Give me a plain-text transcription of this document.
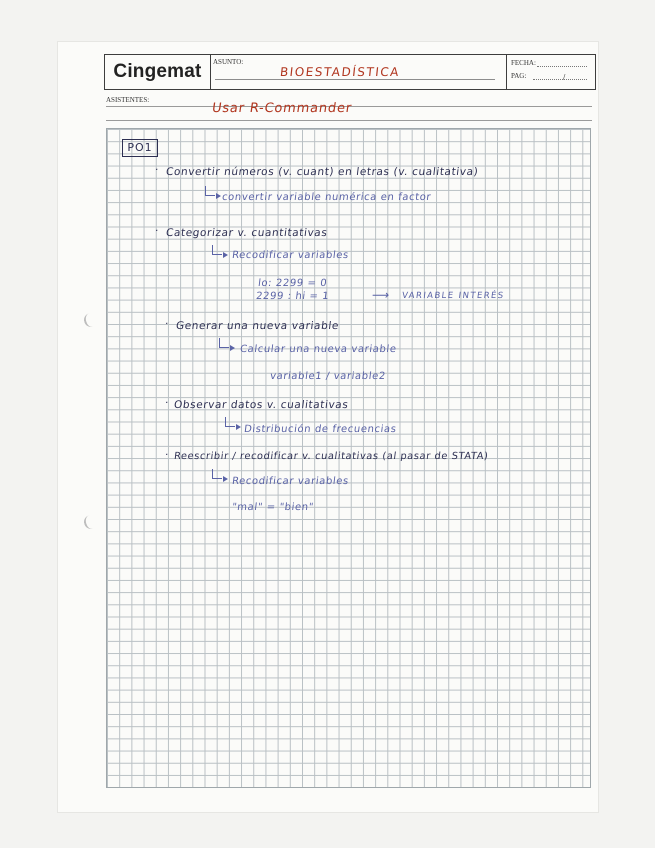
Cingemat	ASUNTO:
BIOESTADÍSTICA
FECHA:
PAG:	/
ASISTENTES:
Usar R-Commander
PO1
· Convertir números (v. cuant) en letras (v. cualitativa)
convertir variable numérica en factor
· Categorizar v. cuantitativas
Recodificar variables
lo: 2299 = 0
2299 : hi = 1	⟶ VARIABLE INTERÉS
· Generar una nueva variable
Calcular una nueva variable
variable1 / variable2
· Observar datos v. cualitativas
Distribución de frecuencias
· Reescribir / recodificar v. cualitativas (al pasar de STATA)
Recodificar variables
"mal" = "bien"
